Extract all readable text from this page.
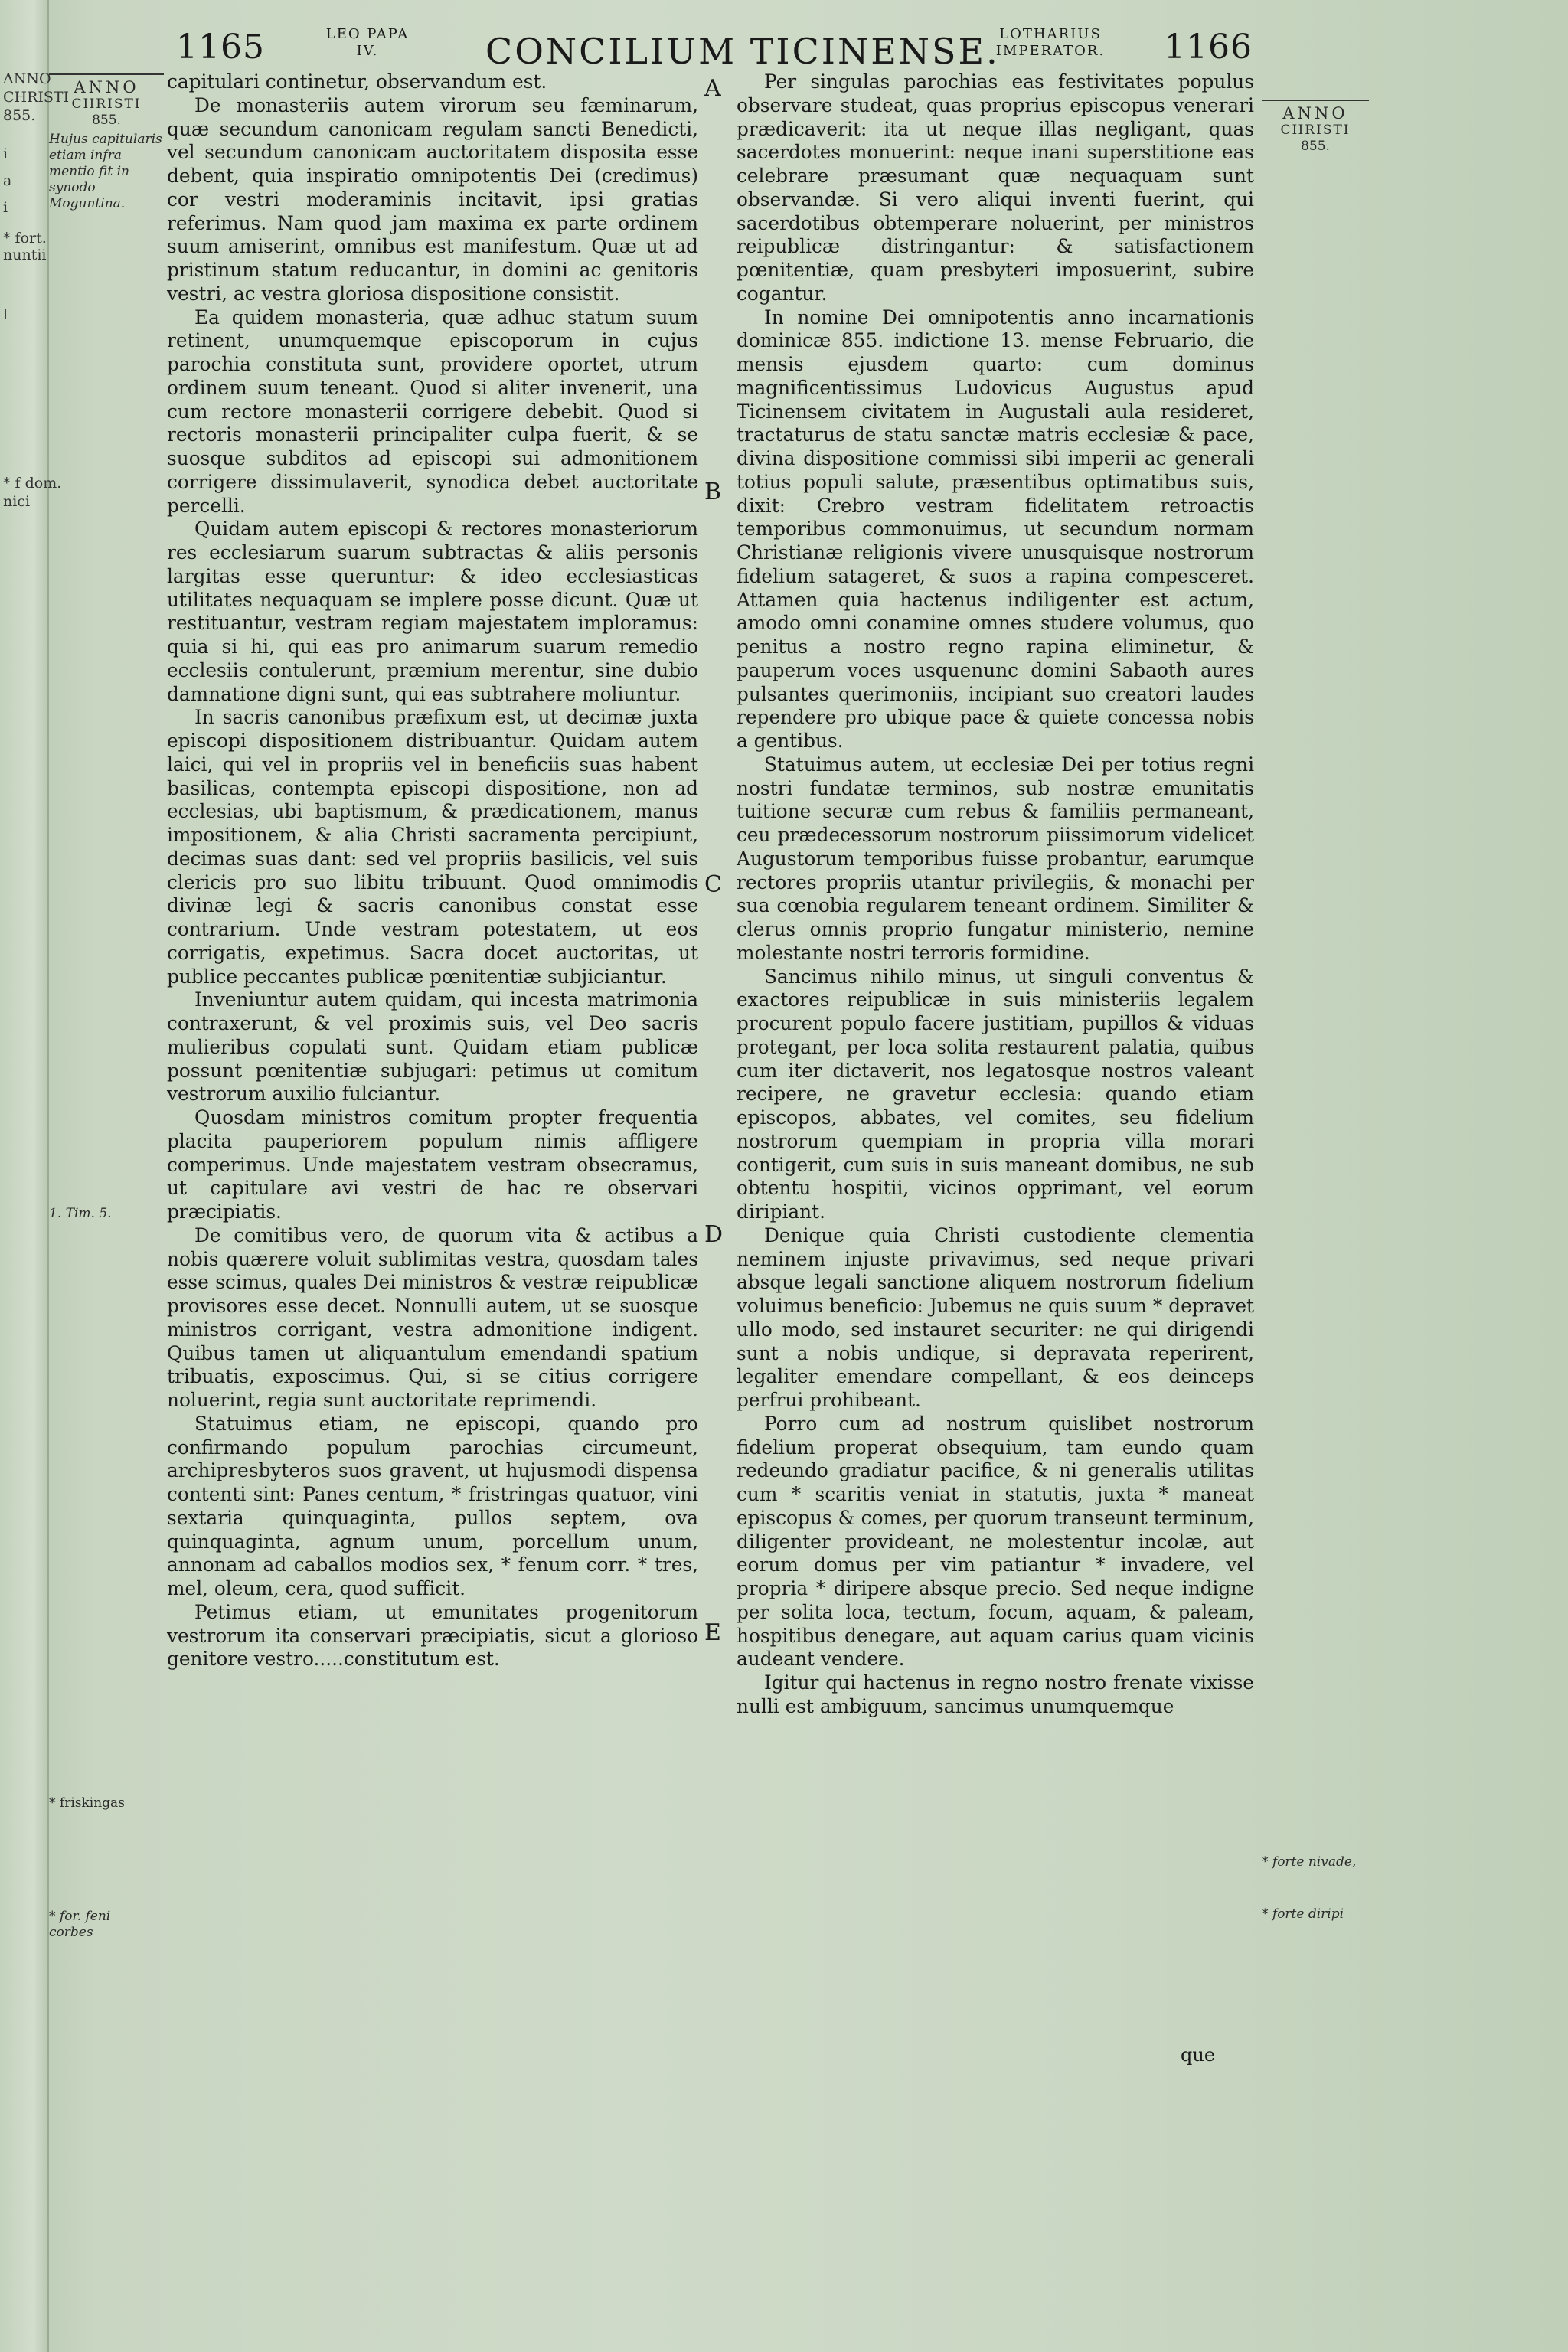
ANNO
CHRISTI
855.
i
a
i
* fort.
nuntii
l
* f dom.
nici
1165	LEO PAPA
IV.	CONCILIUM TICINENSE. LOTHARIUS
IMPERATOR.	1166
ANNO
CHRISTI
855.
Hujus capitularis etiam infra mentio fit in synodo Moguntina.
1. Tim. 5.
* friskingas
* for. feni corbes
ANNO
CHRISTI
855.
* forte nivade,
* forte diripi
A
B
C
D
E

capitulari continetur, observandum est.

De monasteriis autem virorum seu fæminarum, quæ secundum canonicam regulam sancti Benedicti, vel secundum canonicam auctoritatem disposita esse debent, quia inspiratio omnipotentis Dei (credimus) cor vestri moderaminis incitavit, ipsi gratias referimus. Nam quod jam maxima ex parte ordinem suum amiserint, omnibus est manifestum. Quæ ut ad pristinum statum reducantur, in domini ac genitoris vestri, ac vestra gloriosa dispositione consistit.

Ea quidem monasteria, quæ adhuc statum suum retinent, unumquemque episcoporum in cujus parochia constituta sunt, providere oportet, utrum ordinem suum teneant. Quod si aliter invenerit, una cum rectore monasterii corrigere debebit. Quod si rectoris monasterii principaliter culpa fuerit, & se suosque subditos ad episcopi sui admonitionem corrigere dissimulaverit, synodica debet auctoritate percelli.

Quidam autem episcopi & rectores monasteriorum res ecclesiarum suarum subtractas & aliis personis largitas esse queruntur: & ideo ecclesiasticas utilitates nequaquam se implere posse dicunt. Quæ ut restituantur, vestram regiam majestatem imploramus: quia si hi, qui eas pro animarum suarum remedio ecclesiis contulerunt, præmium merentur, sine dubio damnatione digni sunt, qui eas subtrahere moliuntur.

In sacris canonibus præfixum est, ut decimæ juxta episcopi dispositionem distribuantur. Quidam autem laici, qui vel in propriis vel in beneficiis suas habent basilicas, contempta episcopi dispositione, non ad ecclesias, ubi baptismum, & prædicationem, manus impositionem, & alia Christi sacramenta percipiunt, decimas suas dant: sed vel propriis basilicis, vel suis clericis pro suo libitu tribuunt. Quod omnimodis divinæ legi & sacris canonibus constat esse contrarium. Unde vestram potestatem, ut eos corrigatis, expetimus. Sacra docet auctoritas, ut publice peccantes publicæ pœnitentiæ subjiciantur.

Inveniuntur autem quidam, qui incesta matrimonia contraxerunt, & vel proximis suis, vel Deo sacris mulieribus copulati sunt. Quidam etiam publicæ possunt pœnitentiæ subjugari: petimus ut comitum vestrorum auxilio fulciantur.

Quosdam ministros comitum propter frequentia placita pauperiorem populum nimis affligere comperimus. Unde majestatem vestram obsecramus, ut capitulare avi vestri de hac re observari præcipiatis.

De comitibus vero, de quorum vita & actibus a nobis quærere voluit sublimitas vestra, quosdam tales esse scimus, quales Dei ministros & vestræ reipublicæ provisores esse decet. Nonnulli autem, ut se suosque ministros corrigant, vestra admonitione indigent. Quibus tamen ut aliquantulum emendandi spatium tribuatis, exposcimus. Qui, si se citius corrigere noluerint, regia sunt auctoritate reprimendi.

Statuimus etiam, ne episcopi, quando pro confirmando populum parochias circumeunt, archipresbyteros suos gravent, ut hujusmodi dispensa contenti sint: Panes centum, * fristringas quatuor, vini sextaria quinquaginta, pullos septem, ova quinquaginta, agnum unum, porcellum unum, annonam ad caballos modios sex, * fenum corr. * tres, mel, oleum, cera, quod sufficit.

Petimus etiam, ut emunitates progenitorum vestrorum ita conservari præcipiatis, sicut a glorioso genitore vestro.....constitutum est.

Per singulas parochias eas festivitates populus observare studeat, quas proprius episcopus venerari prædicaverit: ita ut neque illas negligant, quas sacerdotes monuerint: neque inani superstitione eas celebrare præsumant quæ nequaquam sunt observandæ. Si vero aliqui inventi fuerint, qui sacerdotibus obtemperare noluerint, per ministros reipublicæ distringantur: & satisfactionem pœnitentiæ, quam presbyteri imposuerint, subire cogantur.

In nomine Dei omnipotentis anno incarnationis dominicæ 855. indictione 13. mense Februario, die mensis ejusdem quarto: cum dominus magnificentissimus Ludovicus Augustus apud Ticinensem civitatem in Augustali aula resideret, tractaturus de statu sanctæ matris ecclesiæ & pace, divina dispositione commissi sibi imperii ac generali totius populi salute, præsentibus optimatibus suis, dixit: Crebro vestram fidelitatem retroactis temporibus commonuimus, ut secundum normam Christianæ religionis vivere unusquisque nostrorum fidelium satageret, & suos a rapina compesceret. Attamen quia hactenus indiligenter est actum, amodo omni conamine omnes studere volumus, quo penitus a nostro regno rapina eliminetur, & pauperum voces usquenunc domini Sabaoth aures pulsantes querimoniis, incipiant suo creatori laudes rependere pro ubique pace & quiete concessa nobis a gentibus.

Statuimus autem, ut ecclesiæ Dei per totius regni nostri fundatæ terminos, sub nostræ emunitatis tuitione securæ cum rebus & familiis permaneant, ceu prædecessorum nostrorum piissimorum videlicet Augustorum temporibus fuisse probantur, earumque rectores propriis utantur privilegiis, & monachi per sua cœnobia regularem teneant ordinem. Similiter & clerus omnis proprio fungatur ministerio, nemine molestante nostri terroris formidine.

Sancimus nihilo minus, ut singuli conventus & exactores reipublicæ in suis ministeriis legalem procurent populo facere justitiam, pupillos & viduas protegant, per loca solita restaurent palatia, quibus cum iter dictaverit, nos legatosque nostros valeant recipere, ne gravetur ecclesia: quando etiam episcopos, abbates, vel comites, seu fidelium nostrorum quempiam in propria villa morari contigerit, cum suis in suis maneant domibus, ne sub obtentu hospitii, vicinos opprimant, vel eorum diripiant.

Denique quia Christi custodiente clementia neminem injuste privavimus, sed neque privari absque legali sanctione aliquem nostrorum fidelium voluimus beneficio: Jubemus ne quis suum * depravet ullo modo, sed instauret securiter: ne qui dirigendi sunt a nobis undique, si depravata reperirent, legaliter emendare compellant, & eos deinceps perfrui prohibeant.

Porro cum ad nostrum quislibet nostrorum fidelium properat obsequium, tam eundo quam redeundo gradiatur pacifice, & ni generalis utilitas cum * scaritis veniat in statutis, juxta * maneat episcopus & comes, per quorum transeunt terminum, diligenter provideant, ne molestentur incolæ, aut eorum domus per vim patiantur * invadere, vel propria * diripere absque precio. Sed neque indigne per solita loca, tectum, focum, aquam, & paleam, hospitibus denegare, aut aquam carius quam vicinis audeant vendere.

Igitur qui hactenus in regno nostro frenate vixisse nulli est ambiguum, sancimus unumquemque

que
